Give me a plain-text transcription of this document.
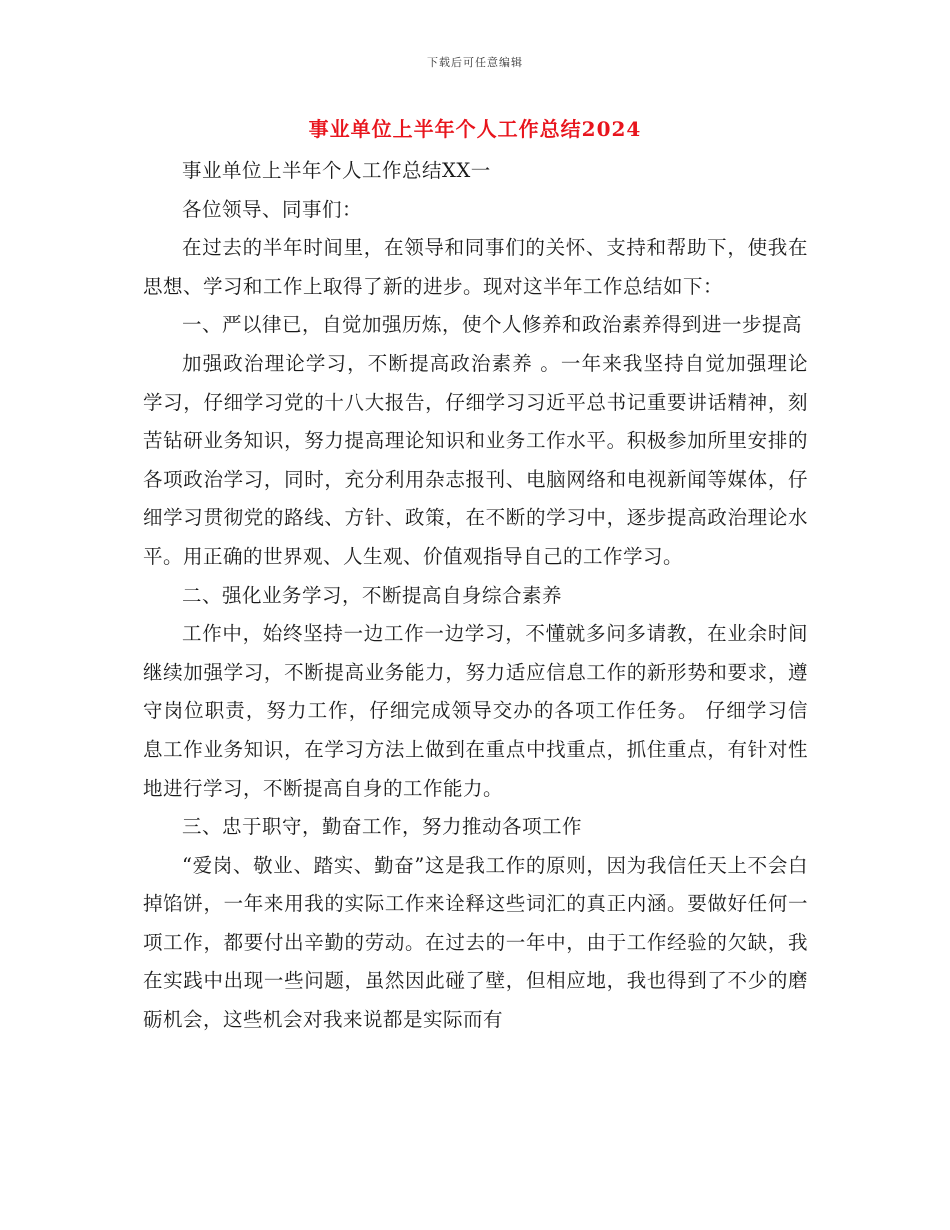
下载后可任意编辑
事业单位上半年个人工作总结2024

事业单位上半年个人工作总结XX一

各位领导、同事们：

在过去的半年时间里，在领导和同事们的关怀、支持和帮助下，使我在思想、学习和工作上取得了新的进步。现对这半年工作总结如下：

一、严以律已，自觉加强历炼，使个人修养和政治素养得到进一步提高

加强政治理论学习，不断提高政治素养 。一年来我坚持自觉加强理论学习，仔细学习党的十八大报告，仔细学习习近平总书记重要讲话精神，刻苦钻研业务知识，努力提高理论知识和业务工作水平。积极参加所里安排的各项政治学习，同时，充分利用杂志报刊、电脑网络和电视新闻等媒体，仔细学习贯彻党的路线、方针、政策，在不断的学习中，逐步提高政治理论水平。用正确的世界观、人生观、价值观指导自己的工作学习。

二、强化业务学习，不断提高自身综合素养

工作中，始终坚持一边工作一边学习，不懂就多问多请教，在业余时间继续加强学习，不断提高业务能力，努力适应信息工作的新形势和要求，遵守岗位职责，努力工作，仔细完成领导交办的各项工作任务。 仔细学习信息工作业务知识，在学习方法上做到在重点中找重点，抓住重点，有针对性地进行学习，不断提高自身的工作能力。

三、忠于职守，勤奋工作，努力推动各项工作

“爱岗、敬业、踏实、勤奋”这是我工作的原则，因为我信任天上不会白掉馅饼，一年来用我的实际工作来诠释这些词汇的真正内涵。要做好任何一项工作，都要付出辛勤的劳动。在过去的一年中，由于工作经验的欠缺，我在实践中出现一些问题，虽然因此碰了壁，但相应地，我也得到了不少的磨砺机会，这些机会对我来说都是实际而有
